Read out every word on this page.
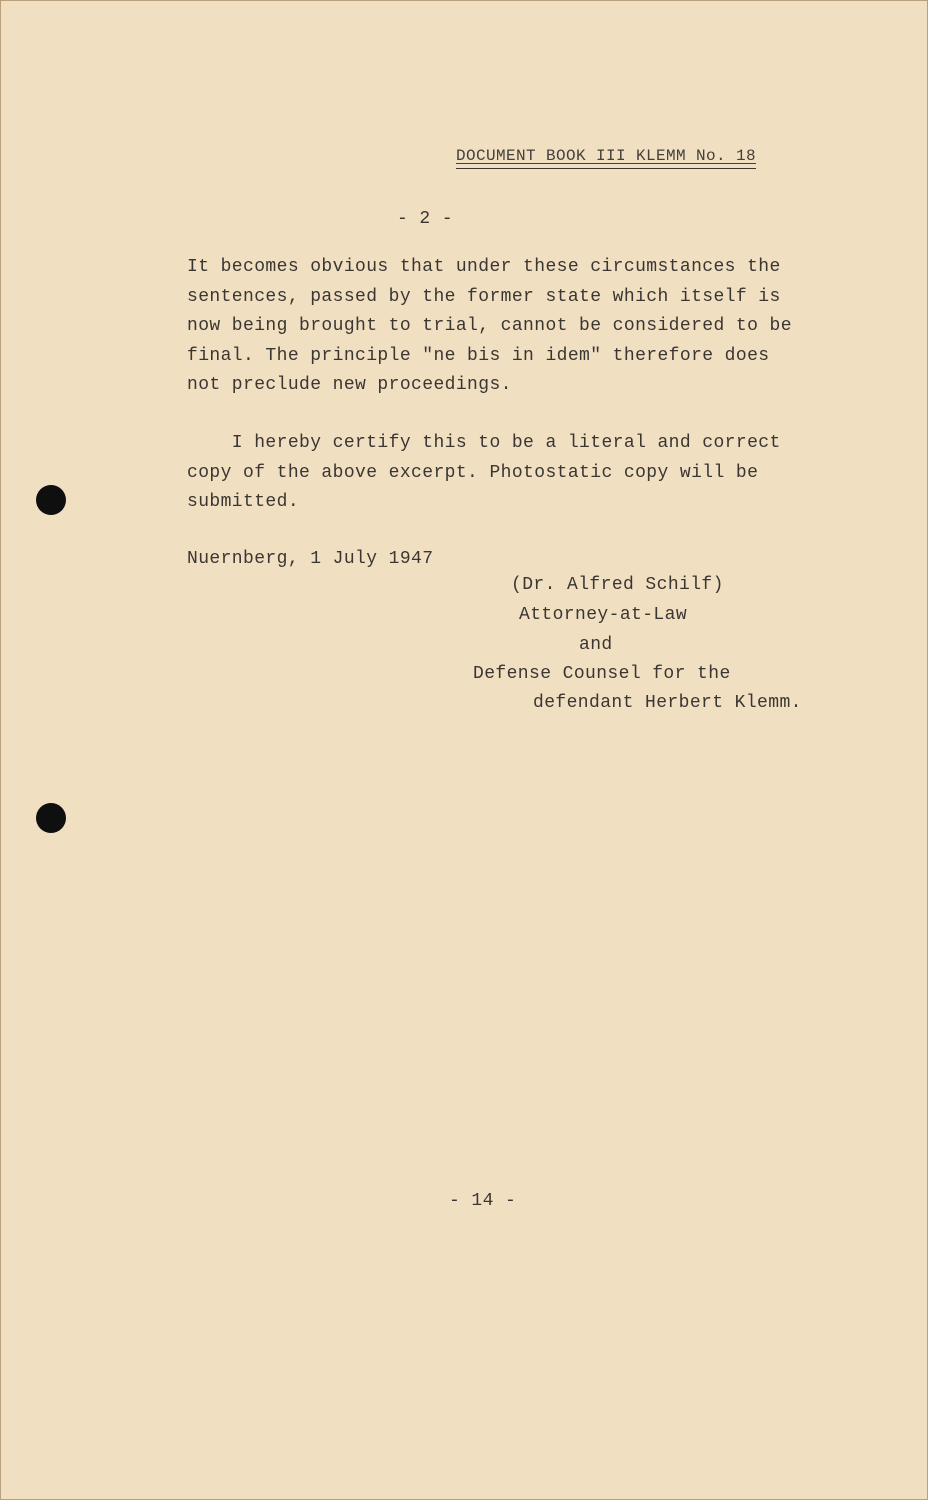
DOCUMENT BOOK III KLEMM No. 18
- 2 -
It becomes obvious that under these circumstances the
sentences, passed by the former state which itself is
now being brought to trial, cannot be considered to be
final. The principle "ne bis in idem" therefore does
not preclude new proceedings.
I hereby certify this to be a literal and correct
copy of the above excerpt. Photostatic copy will be
submitted.
Nuernberg, 1 July 1947
(Dr. Alfred Schilf)
Attorney-at-Law
and
Defense Counsel for the
defendant Herbert Klemm.
- 14 -
